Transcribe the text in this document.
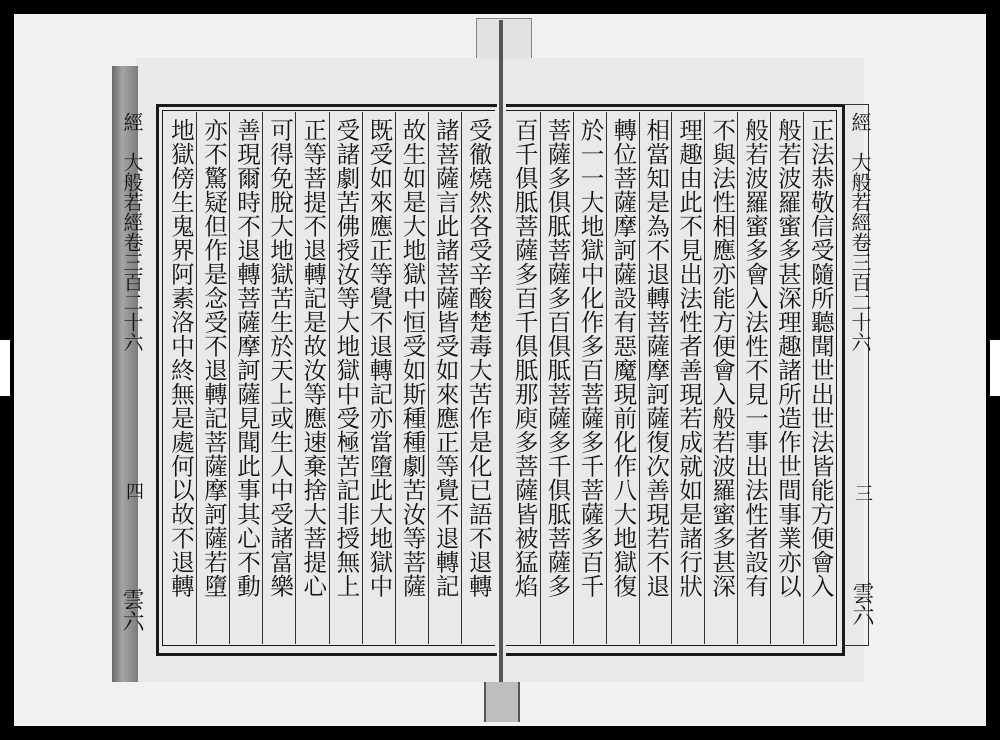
受徹燒然各受辛酸楚毒大苦作是化已語不退轉
諸菩薩言此諸菩薩皆受如來應正等覺不退轉記
故生如是大地獄中恒受如斯種種劇苦汝等菩薩
既受如來應正等覺不退轉記亦當墮此大地獄中
受諸劇苦佛授汝等大地獄中受極苦記非授無上
正等菩提不退轉記是故汝等應速棄捨大菩提心
可得免脫大地獄苦生於天上或生人中受諸富樂
善現爾時不退轉菩薩摩訶薩見聞此事其心不動
亦不驚疑但作是念受不退轉記菩薩摩訶薩若墮
地獄傍生鬼界阿素洛中終無是處何以故不退轉	正法恭敬信受隨所聽聞世出世法皆能方便會入
般若波羅蜜多甚深理趣諸所造作世間事業亦以
般若波羅蜜多會入法性不見一事出法性者設有
不與法性相應亦能方便會入般若波羅蜜多甚深
理趣由此不見出法性者善現若成就如是諸行狀
相當知是為不退轉菩薩摩訶薩復次善現若不退
轉位菩薩摩訶薩設有惡魔現前化作八大地獄復
於一一大地獄中化作多百菩薩多千菩薩多百千
菩薩多俱胝菩薩多百俱胝菩薩多千俱胝菩薩多
百千俱胝菩薩多百千俱胝那庾多菩薩皆被猛焰
經　大般若經卷三百二十六
四
雲六
經　大般若經卷三百二十六
三
雲六
